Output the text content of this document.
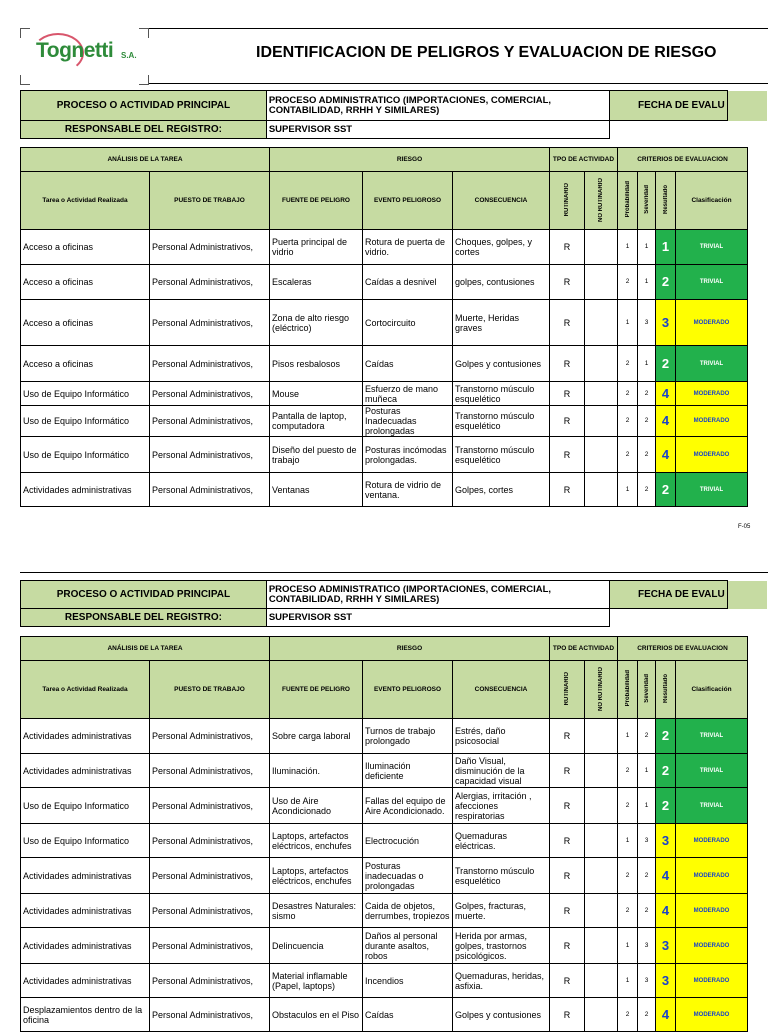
Tognetti S.A.	IDENTIFICACION DE PELIGROS Y EVALUACION DE RIESGO
PROCESO O ACTIVIDAD PRINCIPAL	PROCESO ADMINISTRATICO (IMPORTACIONES, COMERCIAL, CONTABILIDAD, RRHH Y SIMILARES)	FECHA DE EVALU	
RESPONSABLE DEL REGISTRO:	SUPERVISOR SST		
ANÁLISIS DE LA TAREA		RIESGO			TPO DE ACTIVIDAD		CRITERIOS DE EVALUACION			
Tarea o Actividad Realizada	PUESTO DE TRABAJO	FUENTE DE PELIGRO	EVENTO PELIGROSO	CONSECUENCIA	RUTINARIO	NO RUTINARIO	Probabilidad	Severidad	Resultado	Clasificación
Acceso a oficinas	Personal Administrativos,	Puerta principal de vidrio	Rotura de puerta de vidrio.	Choques, golpes, y cortes	R		1	1	1	TRIVIAL
Acceso a oficinas	Personal Administrativos,	Escaleras	Caídas a desnivel	golpes, contusiones	R		2	1	2	TRIVIAL
Acceso a oficinas	Personal Administrativos,	Zona de alto riesgo (eléctrico)	Cortocircuito	Muerte, Heridas graves	R		1	3	3	MODERADO
Acceso a oficinas	Personal Administrativos,	Pisos resbalosos	Caídas	Golpes y contusiones	R		2	1	2	TRIVIAL
Uso de Equipo Informático	Personal Administrativos,	Mouse	Esfuerzo de mano muñeca	Transtorno músculo esquelético	R		2	2	4	MODERADO
Uso de Equipo Informático	Personal Administrativos,	Pantalla de laptop, computadora	Posturas Inadecuadas prolongadas	Transtorno músculo esquelético	R		2	2	4	MODERADO
Uso de Equipo Informático	Personal Administrativos,	Diseño del puesto de trabajo	Posturas incómodas prolongadas.	Transtorno músculo esquelético	R		2	2	4	MODERADO
Actividades administrativas	Personal Administrativos,	Ventanas	Rotura de vidrio de ventana.	Golpes, cortes	R		1	2	2	TRIVIAL
F-05
PROCESO O ACTIVIDAD PRINCIPAL	PROCESO ADMINISTRATICO (IMPORTACIONES, COMERCIAL, CONTABILIDAD, RRHH Y SIMILARES)	FECHA DE EVALU	
RESPONSABLE DEL REGISTRO:	SUPERVISOR SST		
ANÁLISIS DE LA TAREA		RIESGO			TPO DE ACTIVIDAD		CRITERIOS DE EVALUACION			
Tarea o Actividad Realizada	PUESTO DE TRABAJO	FUENTE DE PELIGRO	EVENTO PELIGROSO	CONSECUENCIA	RUTINARIO	NO RUTINARIO	Probabilidad	Severidad	Resultado	Clasificación
Actividades administrativas	Personal Administrativos,	Sobre carga laboral	Turnos de trabajo prolongado	Estrés, daño psicosocial	R		1	2	2	TRIVIAL
Actividades administrativas	Personal Administrativos,	Iluminación.	Iluminación deficiente	Daño Visual, disminución de la capacidad visual	R		2	1	2	TRIVIAL
Uso de Equipo Informatico	Personal Administrativos,	Uso de Aire Acondicionado	Fallas del equipo de Aire Acondicionado.	Alergias, irritación , afecciones respiratorias	R		2	1	2	TRIVIAL
Uso de Equipo Informatico	Personal Administrativos,	Laptops, artefactos eléctricos, enchufes	Electrocución	Quemaduras eléctricas.	R		1	3	3	MODERADO
Actividades administrativas	Personal Administrativos,	Laptops, artefactos eléctricos, enchufes	Posturas inadecuadas o prolongadas	Transtorno músculo esquelético	R		2	2	4	MODERADO
Actividades administrativas	Personal Administrativos,	Desastres Naturales: sismo	Caida de objetos, derrumbes, tropiezos	Golpes, fracturas, muerte.	R		2	2	4	MODERADO
Actividades administrativas	Personal Administrativos,	Delincuencia	Daños al personal durante asaltos, robos	Herida por armas, golpes, trastornos psicológicos.	R		1	3	3	MODERADO
Actividades administrativas	Personal Administrativos,	Material inflamable (Papel, laptops)	Incendios	Quemaduras, heridas, asfixia.	R		1	3	3	MODERADO
Desplazamientos dentro de la oficina	Personal Administrativos,	Obstaculos en el Piso	Caídas	Golpes y contusiones	R		2	2	4	MODERADO
